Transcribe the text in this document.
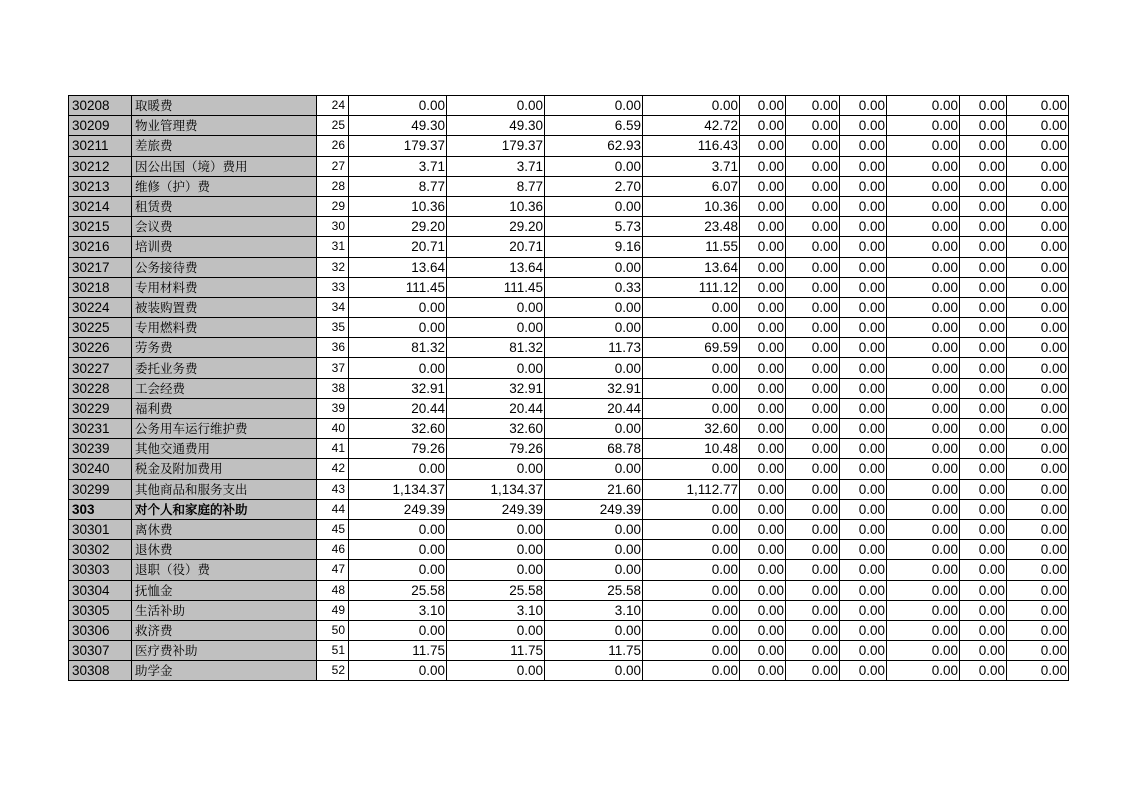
30208	取暖费	24	0.00	0.00	0.00	0.00	0.00	0.00	0.00	0.00	0.00	0.00
30209	物业管理费	25	49.30	49.30	6.59	42.72	0.00	0.00	0.00	0.00	0.00	0.00
30211	差旅费	26	179.37	179.37	62.93	116.43	0.00	0.00	0.00	0.00	0.00	0.00
30212	因公出国（境）费用	27	3.71	3.71	0.00	3.71	0.00	0.00	0.00	0.00	0.00	0.00
30213	维修（护）费	28	8.77	8.77	2.70	6.07	0.00	0.00	0.00	0.00	0.00	0.00
30214	租赁费	29	10.36	10.36	0.00	10.36	0.00	0.00	0.00	0.00	0.00	0.00
30215	会议费	30	29.20	29.20	5.73	23.48	0.00	0.00	0.00	0.00	0.00	0.00
30216	培训费	31	20.71	20.71	9.16	11.55	0.00	0.00	0.00	0.00	0.00	0.00
30217	公务接待费	32	13.64	13.64	0.00	13.64	0.00	0.00	0.00	0.00	0.00	0.00
30218	专用材料费	33	111.45	111.45	0.33	111.12	0.00	0.00	0.00	0.00	0.00	0.00
30224	被装购置费	34	0.00	0.00	0.00	0.00	0.00	0.00	0.00	0.00	0.00	0.00
30225	专用燃料费	35	0.00	0.00	0.00	0.00	0.00	0.00	0.00	0.00	0.00	0.00
30226	劳务费	36	81.32	81.32	11.73	69.59	0.00	0.00	0.00	0.00	0.00	0.00
30227	委托业务费	37	0.00	0.00	0.00	0.00	0.00	0.00	0.00	0.00	0.00	0.00
30228	工会经费	38	32.91	32.91	32.91	0.00	0.00	0.00	0.00	0.00	0.00	0.00
30229	福利费	39	20.44	20.44	20.44	0.00	0.00	0.00	0.00	0.00	0.00	0.00
30231	公务用车运行维护费	40	32.60	32.60	0.00	32.60	0.00	0.00	0.00	0.00	0.00	0.00
30239	其他交通费用	41	79.26	79.26	68.78	10.48	0.00	0.00	0.00	0.00	0.00	0.00
30240	税金及附加费用	42	0.00	0.00	0.00	0.00	0.00	0.00	0.00	0.00	0.00	0.00
30299	其他商品和服务支出	43	1,134.37	1,134.37	21.60	1,112.77	0.00	0.00	0.00	0.00	0.00	0.00
303	对个人和家庭的补助	44	249.39	249.39	249.39	0.00	0.00	0.00	0.00	0.00	0.00	0.00
30301	离休费	45	0.00	0.00	0.00	0.00	0.00	0.00	0.00	0.00	0.00	0.00
30302	退休费	46	0.00	0.00	0.00	0.00	0.00	0.00	0.00	0.00	0.00	0.00
30303	退职（役）费	47	0.00	0.00	0.00	0.00	0.00	0.00	0.00	0.00	0.00	0.00
30304	抚恤金	48	25.58	25.58	25.58	0.00	0.00	0.00	0.00	0.00	0.00	0.00
30305	生活补助	49	3.10	3.10	3.10	0.00	0.00	0.00	0.00	0.00	0.00	0.00
30306	救济费	50	0.00	0.00	0.00	0.00	0.00	0.00	0.00	0.00	0.00	0.00
30307	医疗费补助	51	11.75	11.75	11.75	0.00	0.00	0.00	0.00	0.00	0.00	0.00
30308	助学金	52	0.00	0.00	0.00	0.00	0.00	0.00	0.00	0.00	0.00	0.00
